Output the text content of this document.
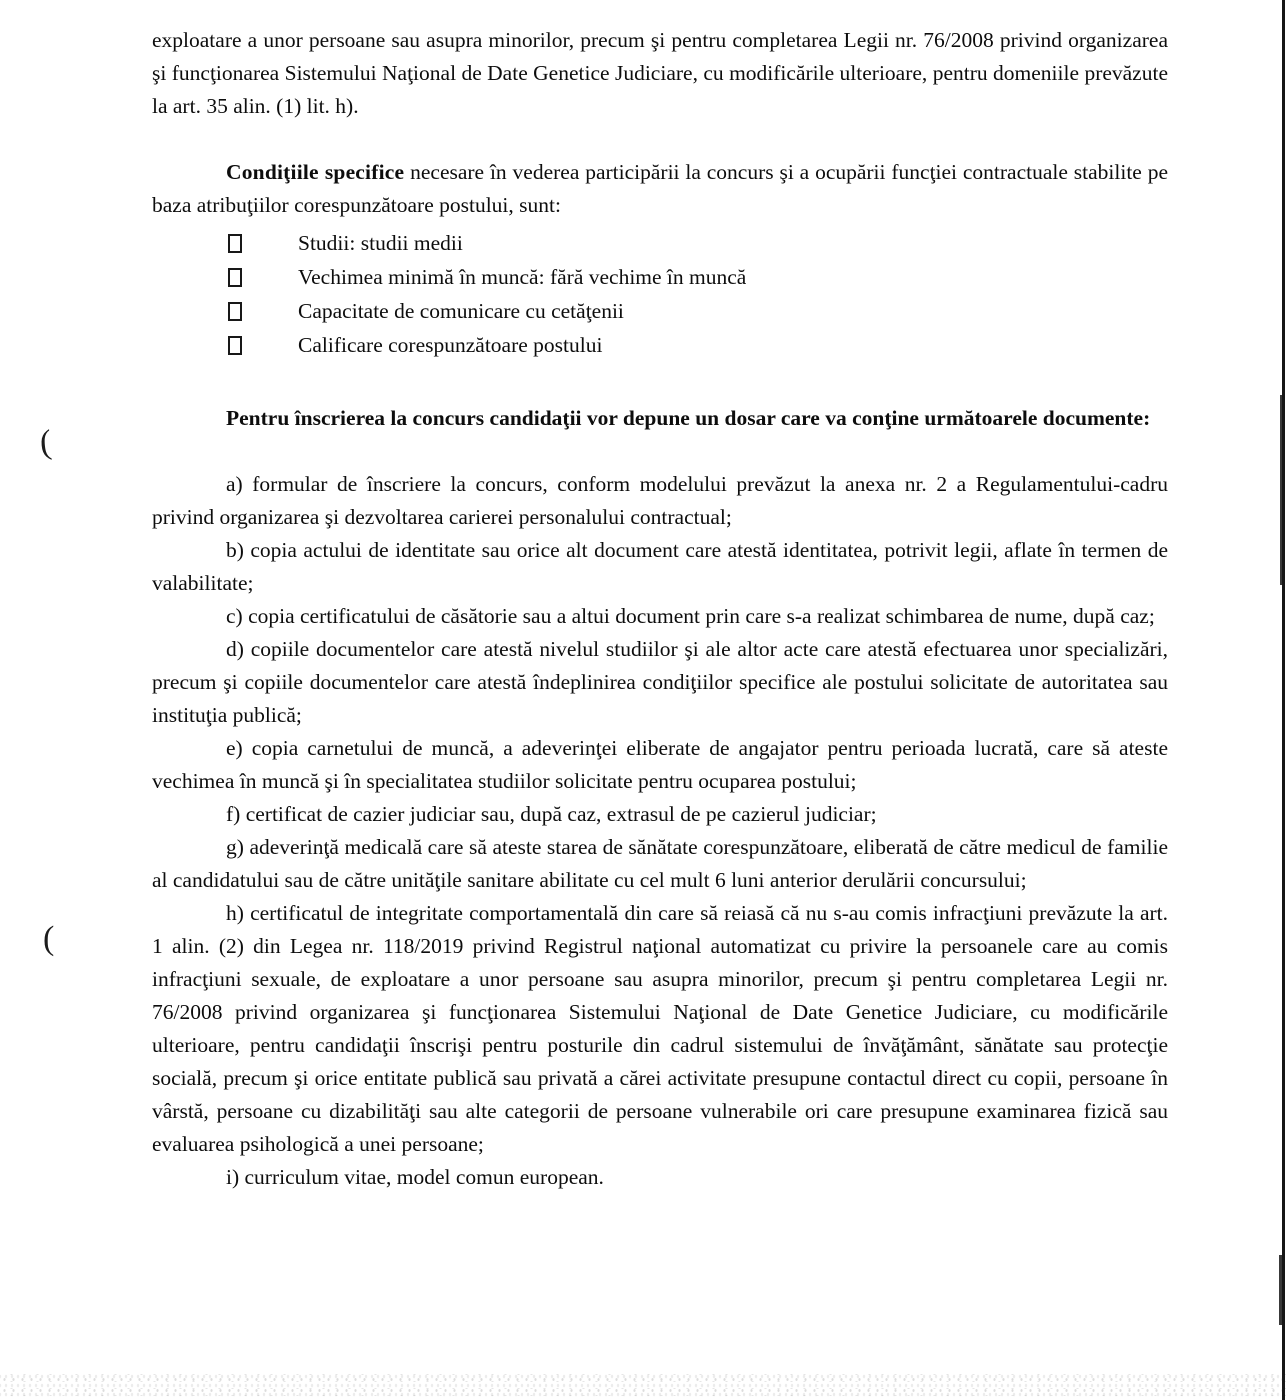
(
(

exploatare a unor persoane sau asupra minorilor, precum şi pentru completarea Legii nr. 76/2008 privind organizarea şi funcţionarea Sistemului Naţional de Date Genetice Judiciare, cu modificările ulterioare, pentru domeniile prevăzute la art. 35 alin. (1) lit. h).

Condiţiile specifice necesare în vederea participării la concurs şi a ocupării funcţiei contractuale stabilite pe baza atribuţiilor corespunzătoare postului, sunt:

Studii: studii medii
Vechimea minimă în muncă: fără vechime în muncă
Capacitate de comunicare cu cetăţenii
Calificare corespunzătoare postului

Pentru înscrierea la concurs candidaţii vor depune un dosar care va conţine următoarele documente:

a) formular de înscriere la concurs, conform modelului prevăzut la anexa nr. 2 a Regulamentului-cadru privind organizarea şi dezvoltarea carierei personalului contractual;

b) copia actului de identitate sau orice alt document care atestă identitatea, potrivit legii, aflate în termen de valabilitate;

c) copia certificatului de căsătorie sau a altui document prin care s-a realizat schimbarea de nume, după caz;

d) copiile documentelor care atestă nivelul studiilor şi ale altor acte care atestă efectuarea unor specializări, precum şi copiile documentelor care atestă îndeplinirea condiţiilor specifice ale postului solicitate de autoritatea sau instituţia publică;

e) copia carnetului de muncă, a adeverinţei eliberate de angajator pentru perioada lucrată, care să ateste vechimea în muncă şi în specialitatea studiilor solicitate pentru ocuparea postului;

f) certificat de cazier judiciar sau, după caz, extrasul de pe cazierul judiciar;

g) adeverinţă medicală care să ateste starea de sănătate corespunzătoare, eliberată de către medicul de familie al candidatului sau de către unităţile sanitare abilitate cu cel mult 6 luni anterior derulării concursului;

h) certificatul de integritate comportamentală din care să reiasă că nu s-au comis infracţiuni prevăzute la art. 1 alin. (2) din Legea nr. 118/2019 privind Registrul naţional automatizat cu privire la persoanele care au comis infracţiuni sexuale, de exploatare a unor persoane sau asupra minorilor, precum şi pentru completarea Legii nr. 76/2008 privind organizarea şi funcţionarea Sistemului Naţional de Date Genetice Judiciare, cu modificările ulterioare, pentru candidaţii înscrişi pentru posturile din cadrul sistemului de învăţământ, sănătate sau protecţie socială, precum şi orice entitate publică sau privată a cărei activitate presupune contactul direct cu copii, persoane în vârstă, persoane cu dizabilităţi sau alte categorii de persoane vulnerabile ori care presupune examinarea fizică sau evaluarea psihologică a unei persoane;

i) curriculum vitae, model comun european.
